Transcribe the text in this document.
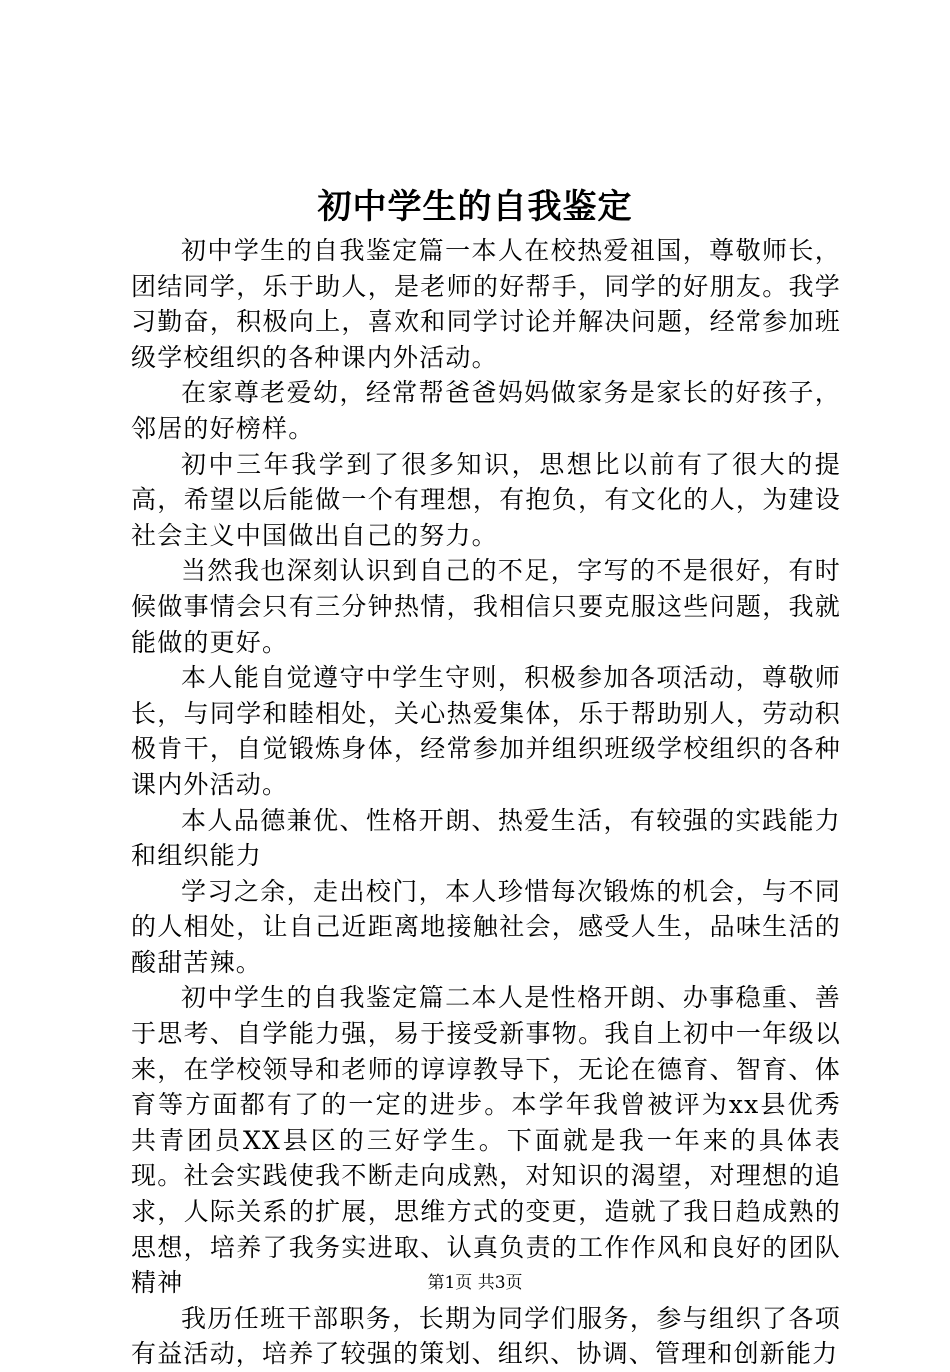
初中学生的自我鉴定

初中学生的自我鉴定篇一本人在校热爱祖国，尊敬师长，团结同学，乐于助人，是老师的好帮手，同学的好朋友。我学习勤奋，积极向上，喜欢和同学讨论并解决问题，经常参加班级学校组织的各种课内外活动。

在家尊老爱幼，经常帮爸爸妈妈做家务是家长的好孩子，邻居的好榜样。

初中三年我学到了很多知识，思想比以前有了很大的提高，希望以后能做一个有理想，有抱负，有文化的人，为建设社会主义中国做出自己的努力。

当然我也深刻认识到自己的不足，字写的不是很好，有时候做事情会只有三分钟热情，我相信只要克服这些问题，我就能做的更好。

本人能自觉遵守中学生守则，积极参加各项活动，尊敬师长，与同学和睦相处，关心热爱集体，乐于帮助别人，劳动积极肯干，自觉锻炼身体，经常参加并组织班级学校组织的各种课内外活动。

本人品德兼优、性格开朗、热爱生活，有较强的实践能力和组织能力

学习之余，走出校门，本人珍惜每次锻炼的机会，与不同的人相处，让自己近距离地接触社会，感受人生，品味生活的酸甜苦辣。

初中学生的自我鉴定篇二本人是性格开朗、办事稳重、善于思考、自学能力强，易于接受新事物。我自上初中一年级以来，在学校领导和老师的谆谆教导下，无论在德育、智育、体育等方面都有了的一定的进步。本学年我曾被评为xx县优秀共青团员XX县区的三好学生。下面就是我一年来的具体表现。社会实践使我不断走向成熟，对知识的渴望，对理想的追求，人际关系的扩展，思维方式的变更，造就了我日趋成熟的思想，培养了我务实进取、认真负责的工作作风和良好的团队精神

我历任班干部职务，长期为同学们服务，参与组织了各项有益活动，培养了较强的策划、组织、协调、管理和创新能力

第1页 共3页
